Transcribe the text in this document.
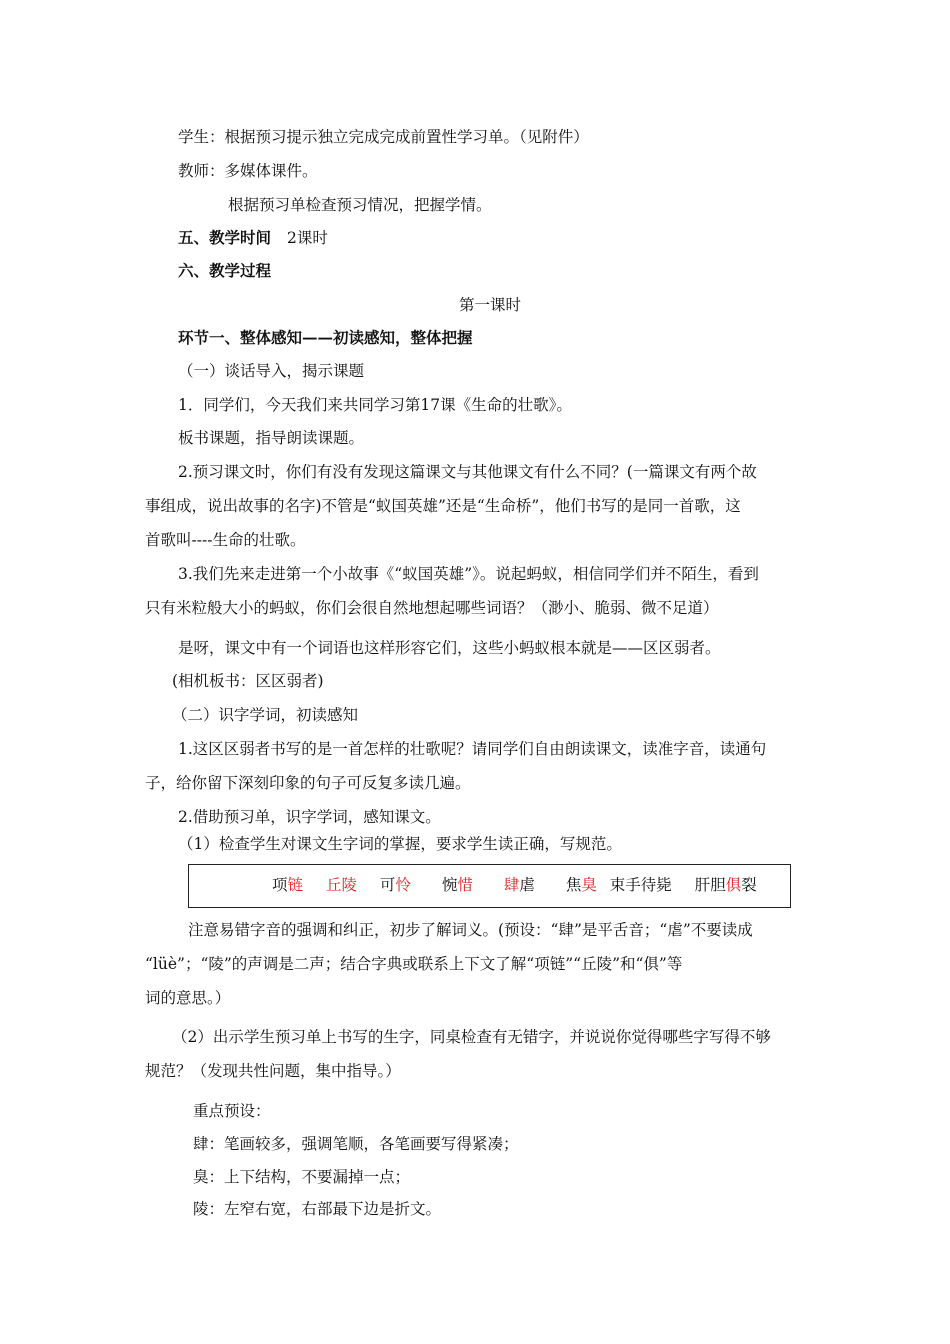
学生：根据预习提示独立完成完成前置性学习单。（见附件）
教师：多媒体课件。
根据预习单检查预习情况，把握学情。
五、教学时间 2课时
六、教学过程
第一课时
环节一、整体感知——初读感知，整体把握
（一）谈话导入，揭示课题
1．同学们，今天我们来共同学习第17课《生命的壮歌》。
板书课题，指导朗读课题。
2.预习课文时，你们有没有发现这篇课文与其他课文有什么不同？(一篇课文有两个故
事组成，说出故事的名字)不管是“蚁国英雄”还是“生命桥”，他们书写的是同一首歌，这
首歌叫----生命的壮歌。
3.我们先来走进第一个小故事《“蚁国英雄”》。说起蚂蚁，相信同学们并不陌生，看到
只有米粒般大小的蚂蚁，你们会很自然地想起哪些词语？（渺小、脆弱、微不足道）
是呀，课文中有一个词语也这样形容它们，这些小蚂蚁根本就是——区区弱者。
(相机板书：区区弱者)
（二）识字学词，初读感知
1.这区区弱者书写的是一首怎样的壮歌呢？请同学们自由朗读课文，读准字音，读通句
子，给你留下深刻印象的句子可反复多读几遍。
2.借助预习单，识字学词，感知课文。
（1）检查学生对课文生字词的掌握，要求学生读正确，写规范。
项链 丘陵 可怜 惋惜 肆虐 焦臭 束手待毙 肝胆俱裂
注意易错字音的强调和纠正，初步了解词义。(预设：“肆”是平舌音；“虐”不要读成
“lüè”；“陵”的声调是二声；结合字典或联系上下文了解“项链”“丘陵”和“俱”等
词的意思。）
（2）出示学生预习单上书写的生字，同桌检查有无错字，并说说你觉得哪些字写得不够
规范？（发现共性问题，集中指导。）
重点预设：
肆：笔画较多，强调笔顺，各笔画要写得紧凑；
臭：上下结构，不要漏掉一点；
陵：左窄右宽，右部最下边是折文。
